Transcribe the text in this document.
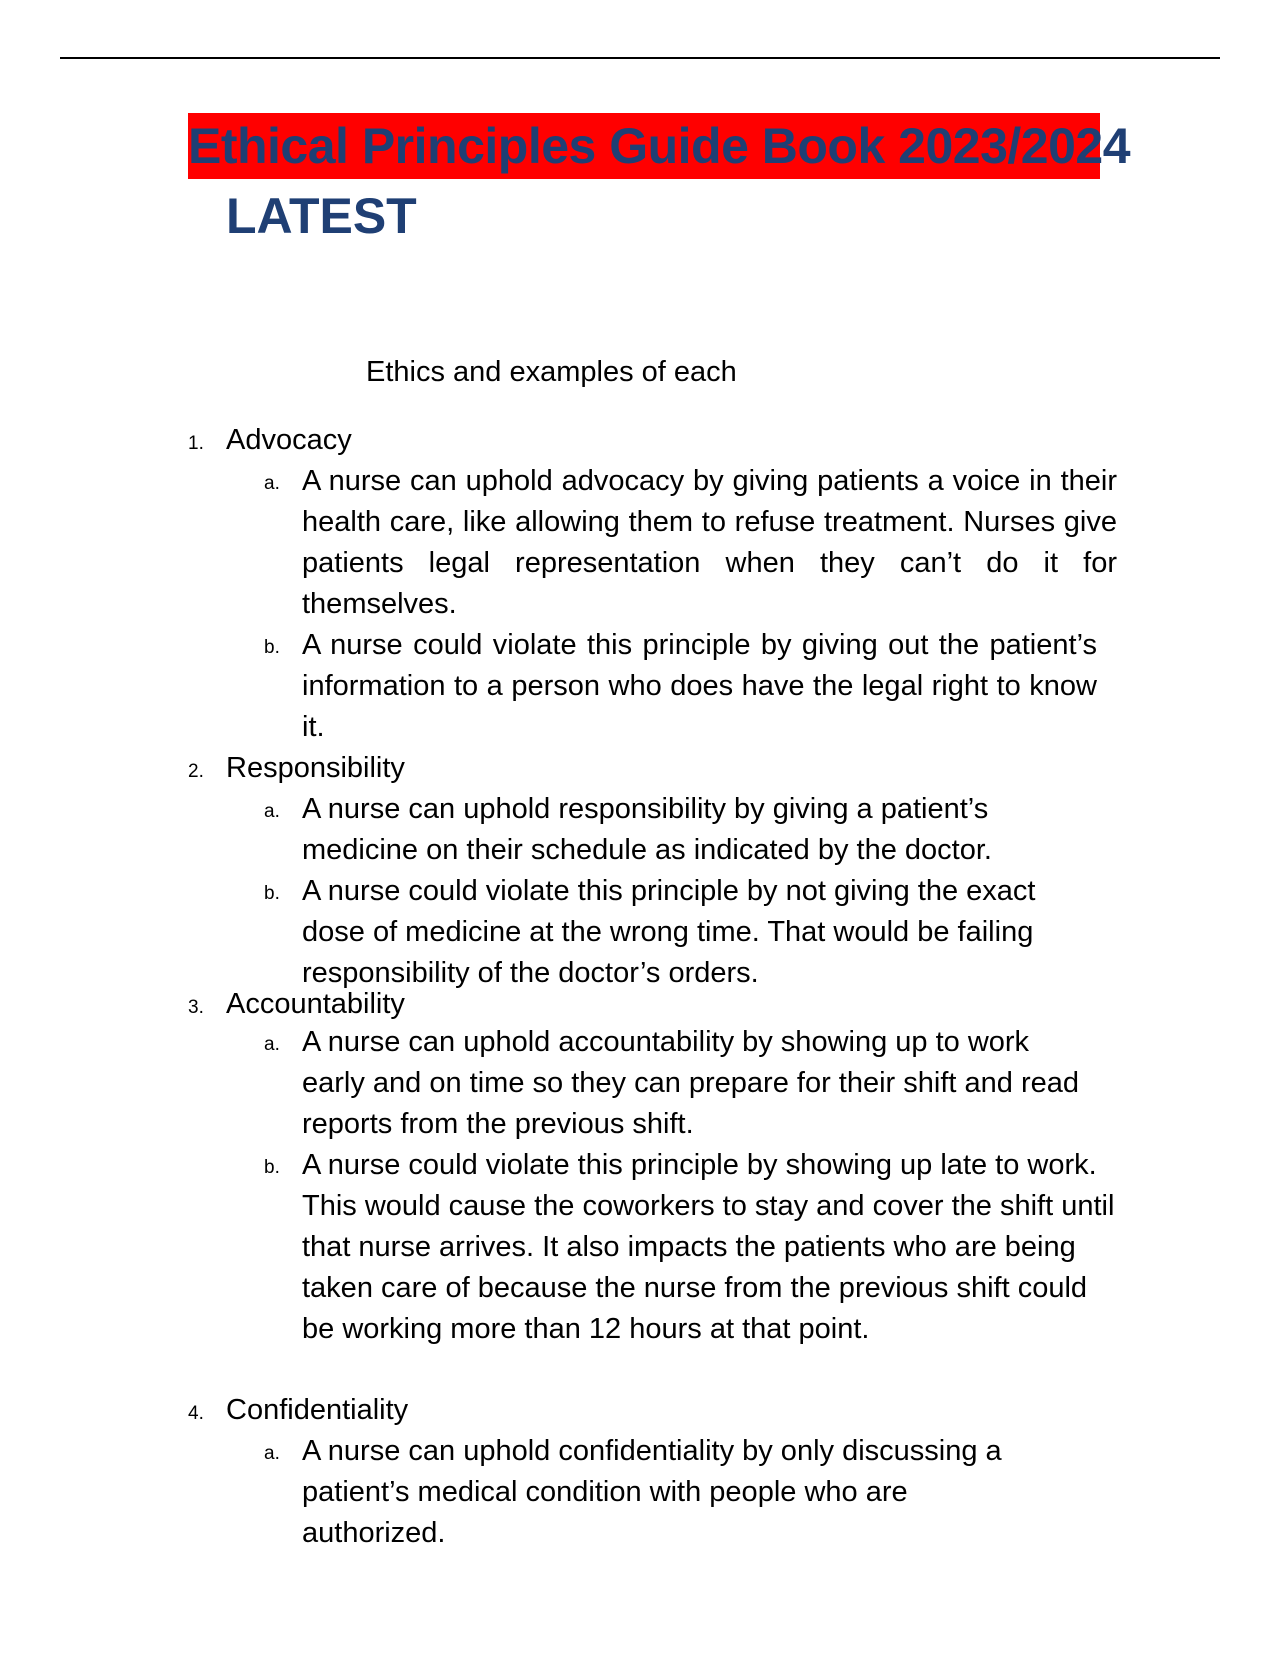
Ethical Principles Guide Book 2023/2024
LATEST
Ethics and examples of each
1. Advocacy
a. A nurse can uphold advocacy by giving patients a voice in their health care, like allowing them to refuse treatment. Nurses give patients legal representation when they can’t do it for themselves.
b. A nurse could violate this principle by giving out the patient’s information to a person who does have the legal right to know it.
2. Responsibility
a. A nurse can uphold responsibility by giving a patient’s medicine on their schedule as indicated by the doctor.
b. A nurse could violate this principle by not giving the exact dose of medicine at the wrong time. That would be failing responsibility of the doctor’s orders.
3. Accountability
a. A nurse can uphold accountability by showing up to work early and on time so they can prepare for their shift and read reports from the previous shift.
b. A nurse could violate this principle by showing up late to work. This would cause the coworkers to stay and cover the shift until that nurse arrives. It also impacts the patients who are being taken care of because the nurse from the previous shift could be working more than 12 hours at that point.
4. Confidentiality
a. A nurse can uphold confidentiality by only discussing a patient’s medical condition with people who are authorized.
